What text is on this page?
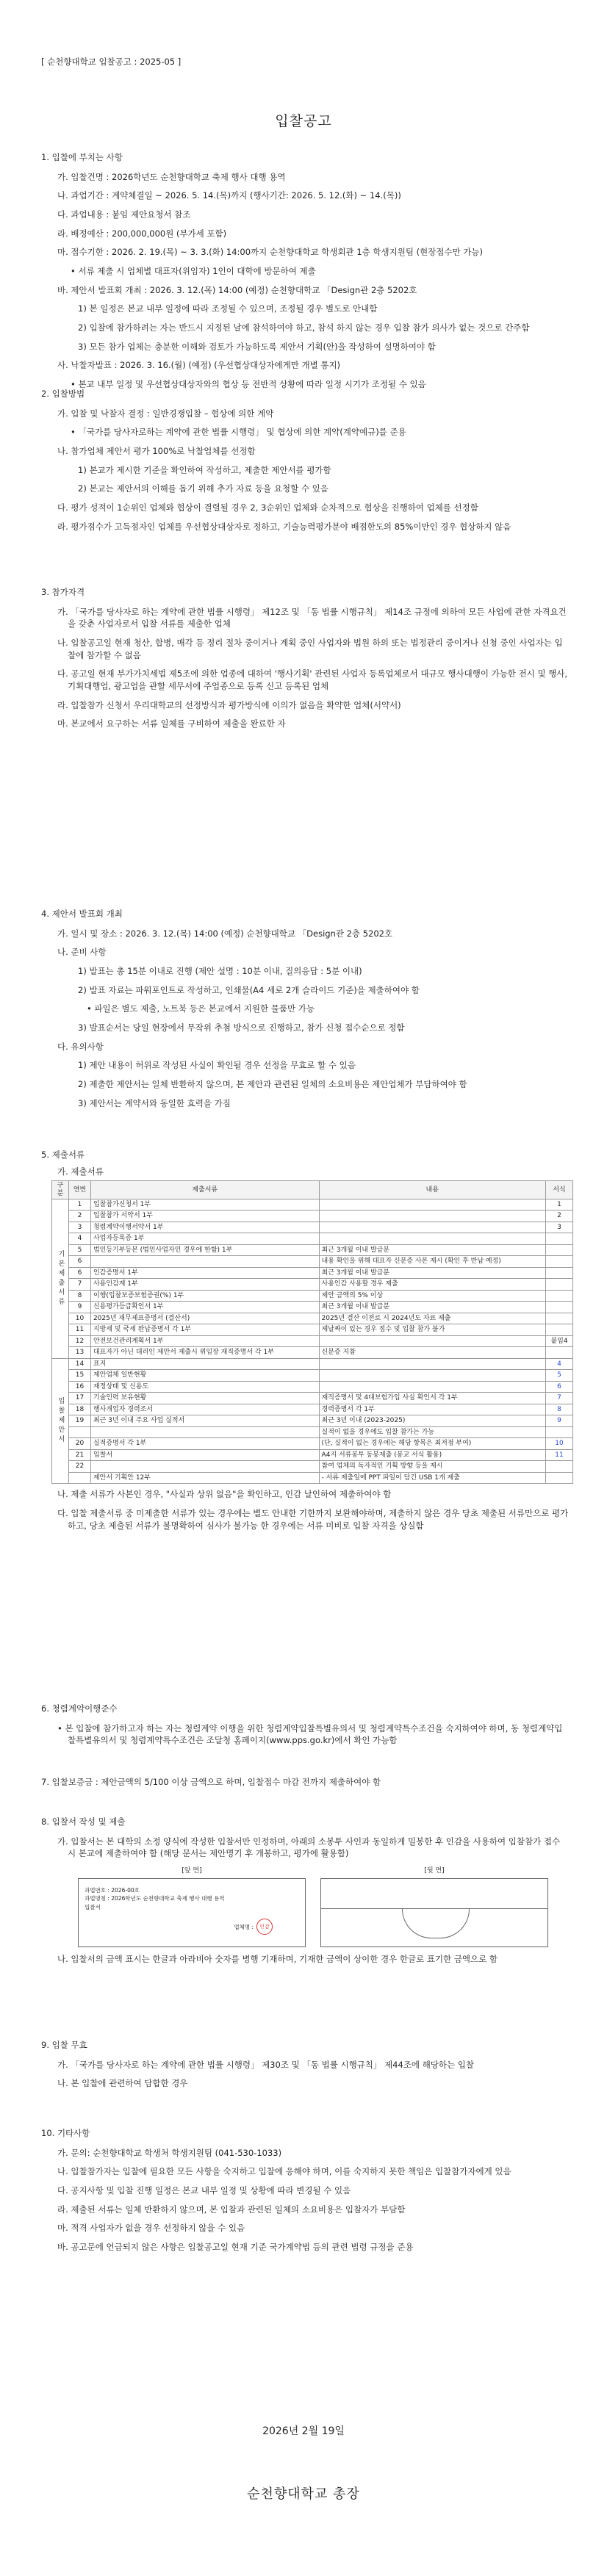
[ 순천향대학교 입찰공고 : 2025-05 ]
입찰공고
1. 입찰에 부치는 사항
가. 입찰건명 : 2026학년도 순천향대학교 축제 행사 대행 용역
나. 과업기간 : 계약체결일 ~ 2026. 5. 14.(목)까지 (행사기간: 2026. 5. 12.(화) ~ 14.(목))
다. 과업내용 : 붙임 제안요청서 참조
라. 배정예산 : 200,000,000원 (부가세 포함)
마. 접수기한 : 2026. 2. 19.(목) ~ 3. 3.(화) 14:00까지 순천향대학교 학생회관 1층 학생지원팀 (현장접수만 가능)
• 서류 제출 시 업체별 대표자(위임자) 1인이 대학에 방문하여 제출
바. 제안서 발표회 개최 : 2026. 3. 12.(목) 14:00 (예정) 순천향대학교 「Design관 2층 5202호
1) 본 일정은 본교 내부 일정에 따라 조정될 수 있으며, 조정될 경우 별도로 안내함
2) 입찰에 참가하려는 자는 반드시 지정된 날에 참석하여야 하고, 참석 하지 않는 경우 입찰 참가 의사가 없는 것으로 간주함
3) 모든 참가 업체는 충분한 이해와 검토가 가능하도록 제안서 기획(안)을 작성하여 설명하여야 함
사. 낙찰자발표 : 2026. 3. 16.(월) (예정) (우선협상대상자에게만 개별 통지)
• 본교 내부 일정 및 우선협상대상자와의 협상 등 전반적 상황에 따라 일정 시기가 조정될 수 있음
2. 입찰방법
가. 입찰 및 낙찰자 결정 : 일반경쟁입찰 – 협상에 의한 계약
• 「국가를 당사자로하는 계약에 관한 법률 시행령」 및 협상에 의한 계약(계약예규)를 준용
나. 참가업체 제안서 평가 100%로 낙찰업체를 선정함
1) 본교가 제시한 기준을 확인하여 작성하고, 제출한 제안서를 평가함
2) 본교는 제안서의 이해를 돕기 위해 추가 자료 등을 요청할 수 있음
다. 평가 성적이 1순위인 업체와 협상이 결렬될 경우 2, 3순위인 업체와 순차적으로 협상을 진행하여 업체를 선정함
라. 평가점수가 고득점자인 업체를 우선협상대상자로 정하고, 기술능력평가분야 배점한도의 85%이만인 경우 협상하지 않음
3. 참가자격
가. 「국가를 당사자로 하는 계약에 관한 법률 시행령」 제12조 및 「동 법률 시행규칙」 제14조 규정에 의하여 모든 사업에 관한 자격요건을 갖춘 사업자로서 입찰 서류를 제출한 업체
나. 입찰공고일 현재 청산, 합병, 매각 등 정리 절차 중이거나 계획 중인 사업자와 법원 하의 또는 법정관리 중이거나 신청 중인 사업자는 입찰에 참가할 수 없음
다. 공고일 현재 부가가치세법 제5조에 의한 업종에 대하여 '행사기획' 관련된 사업자 등록업체로서 대규모 행사대행이 가능한 전시 및 행사, 기획대행업, 광고업을 관할 세무서에 주업종으로 등록 신고 등록된 업체
라. 입찰참가 신청서 우리대학교의 선정방식과 평가방식에 이의가 없음을 확약한 업체(서약서)
마. 본교에서 요구하는 서류 일체를 구비하여 제출을 완료한 자
4. 제안서 발표회 개최
가. 일시 및 장소 : 2026. 3. 12.(목) 14:00 (예정) 순천향대학교 「Design관 2층 5202호
나. 준비 사항
1) 발표는 총 15분 이내로 진행 (제안 설명 : 10분 이내, 질의응답 : 5분 이내)
2) 발표 자료는 파워포인트로 작성하고, 인쇄물(A4 세로 2개 슬라이드 기준)을 제출하여야 함
• 파일은 별도 제출, 노트북 등은 본교에서 지원한 물품만 가능
3) 발표순서는 당일 현장에서 무작위 추첨 방식으로 진행하고, 참가 신청 접수순으로 정함
다. 유의사항
1) 제안 내용이 허위로 작성된 사실이 확인될 경우 선정을 무효로 할 수 있음
2) 제출한 제안서는 일체 반환하지 않으며, 본 제안과 관련된 일체의 소요비용은 제안업체가 부담하여야 함
3) 제안서는 계약서와 동일한 효력을 가짐
5. 제출서류
가. 제출서류
구분	연번	제출서류	내용	서식
기본제출서류	1	입찰참가신청서 1부		1
	2	입찰참가 서약서 1부		2
	3	청렴계약이행서약서 1부		3
	4	사업자등록증 1부		
	5	법인등기부등본 (법인사업자인 경우에 한함) 1부	최근 3개월 이내 발급분	
	6		내용 확인을 위해 대표자 신분증 사본 제시 (확인 후 반납 예정)	
	6	인감증명서 1부	최근 3개월 이내 발급분	
	7	사용인감계 1부	사용인감 사용할 경우 제출	
	8	이행(입찰보증보험증권(%) 1부	제안 금액의 5% 이상	
	9	신용평가등급확인서 1부	최근 3개월 이내 발급분	
	10	2025년 재무제표증명서 (결산서)	2025년 결산 이전로 시 2024년도 자료 제출	
	11	지방세 및 국세 완납증명서 각 1부	제날짜이 있는 경우 접수 및 입찰 참가 불가	
	12	안전보건관리계획서 1부		붙임4
	13	대표자가 아닌 대리인 제안서 제출시 위임장 재직증명서 각 1부	신분증 지참	
입찰제안서	14	표지		4
	15	제안업체 일반현황		5
	16	재정상태 및 신용도		6
	17	기술인력 보유현황	재직증명서 및 4대보험가입 사실 확인서 각 1부	7
	18	행사개업자 경력조서	경력증명서 각 1부	8
	19	최근 3년 이내 주요 사업 실적서	최근 3년 이내 (2023-2025)	9
			실적이 없을 경우에도 입찰 참가는 가능	
	20	실적증명서 각 1부	(단, 실적이 없는 경우에는 해당 항목은 최저점 부여)	10
	21	입찰서	A4지 서류봉투 동봉제출 (봉교 서식 활용)	11
	22		참여 업체의 독자적인 기획 방향 등을 제시	
		제안서 기획안 12부	- 서류 제출일에 PPT 파일이 담긴 USB 1개 제출	
나. 제출 서류가 사본인 경우, "사실과 상위 없음"을 확인하고, 인감 날인하여 제출하여야 함
다. 입찰 제출서류 중 미제출한 서류가 있는 경우에는 별도 안내한 기한까지 보완해야하며, 제출하지 않은 경우 당초 제출된 서류만으로 평가하고, 당초 제출된 서류가 불명확하여 심사가 불가능 한 경우에는 서류 미비로 입찰 자격을 상실함
6. 청렴계약이행준수
• 본 입찰에 참가하고자 하는 자는 청렴계약 이행을 위한 청렴계약입찰특별유의서 및 청렴계약특수조건을 숙지하여야 하며, 동 청렴계약입찰특별유의서 및 청렴계약특수조건은 조달청 홈페이지(www.pps.go.kr)에서 확인 가능함
7. 입찰보증금 : 제안금액의 5/100 이상 금액으로 하며, 입찰접수 마감 전까지 제출하여야 함
8. 입찰서 작성 및 제출
가. 입찰서는 본 대학의 소정 양식에 작성한 입찰서만 인정하며, 아래의 소봉투 사인과 동일하게 밀봉한 후 인감을 사용하여 입찰참가 접수 시 본교에 제출하여야 함 (해당 문서는 제안명기 후 개봉하고, 평가에 활용함)
[앞 면]
과업번호 : 2026-00호
과업명칭 : 2026학년도 순천향대학교 축제 행사 대행 용역
입찰서
업체명 :	인감
[뒷 면]
나. 입찰서의 금액 표시는 한글과 아라비아 숫자를 병행 기재하며, 기재한 금액이 상이한 경우 한글로 표기한 금액으로 함
9. 입찰 무효
가. 「국가를 당사자로 하는 계약에 관한 법률 시행령」 제30조 및 「동 법률 시행규칙」 제44조에 해당하는 입찰
나. 본 입찰에 관련하여 담합한 경우
10. 기타사항
가. 문의: 순천향대학교 학생처 학생지원팀 (041-530-1033)
나. 입찰참가자는 입찰에 필요한 모든 사항을 숙지하고 입찰에 응해야 하며, 이를 숙지하지 못한 책임은 입찰참가자에게 있음
다. 공지사항 및 입찰 진행 일정은 본교 내부 일정 및 상황에 따라 변경될 수 있음
라. 제출된 서류는 일체 반환하지 않으며, 본 입찰과 관련된 일체의 소요비용은 입찰자가 부담함
마. 적격 사업자가 없을 경우 선정하지 않을 수 있음
바. 공고문에 언급되지 않은 사항은 입찰공고일 현재 기준 국가계약법 등의 관련 법령 규정을 준용
2026년 2월 19일
순천향대학교 총장
